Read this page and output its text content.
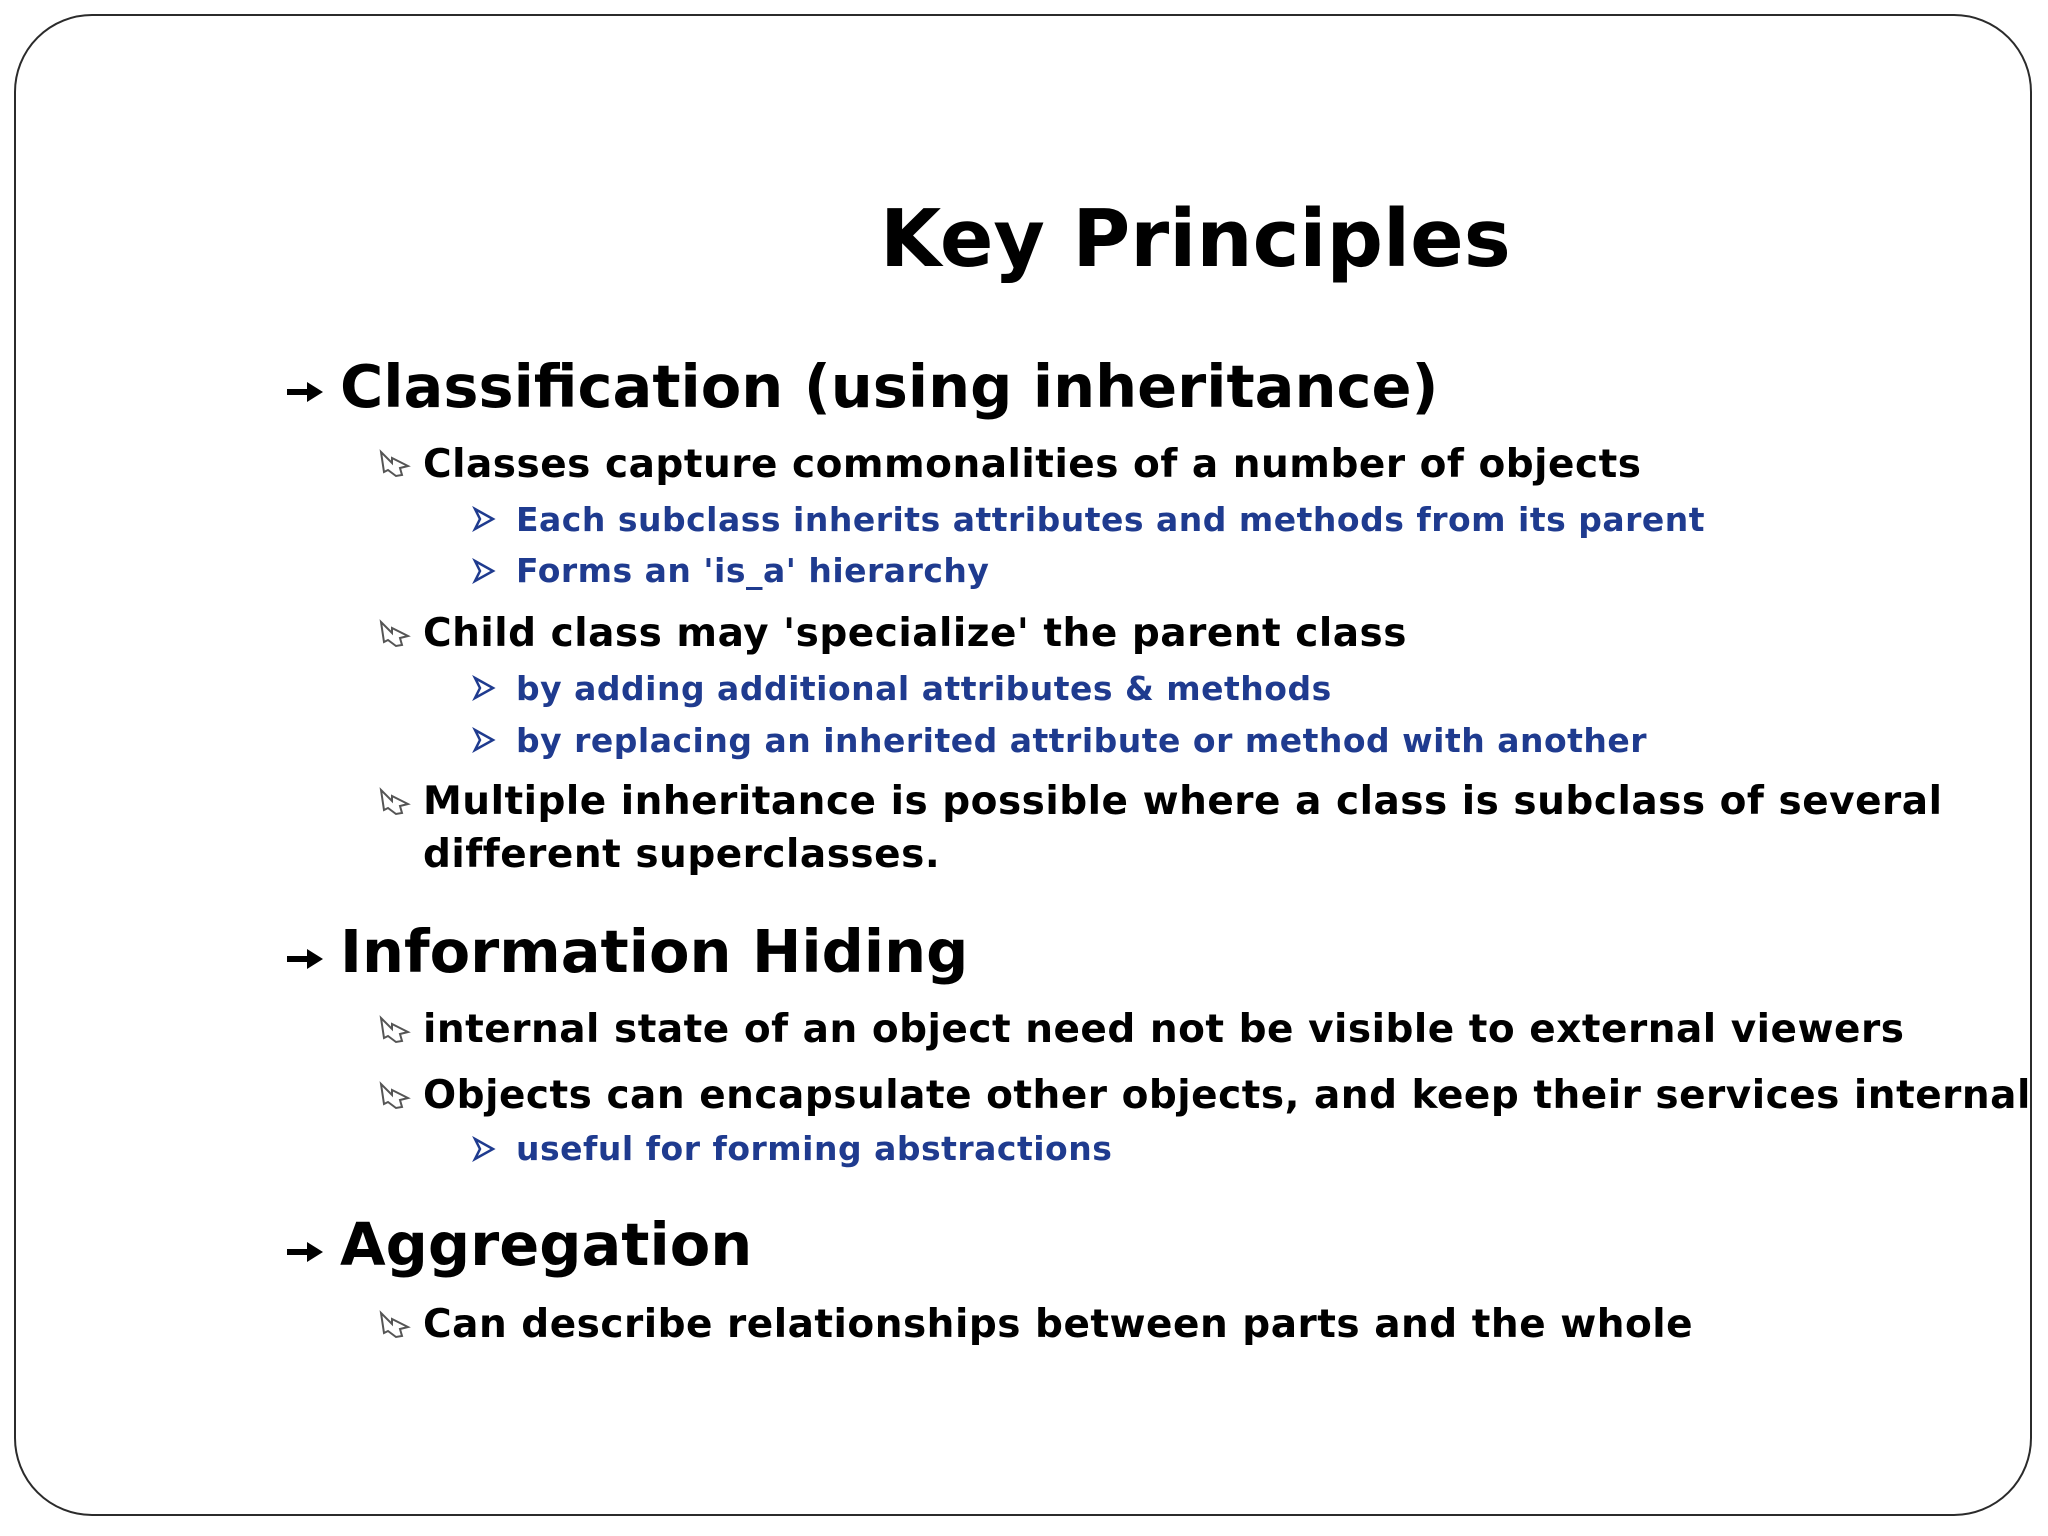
Key Principles
Classification (using inheritance)
Classes capture commonalities of a number of objects
Each subclass inherits attributes and methods from its parent
Forms an 'is_a' hierarchy
Child class may 'specialize' the parent class
by adding additional attributes & methods
by replacing an inherited attribute or method with another
Multiple inheritance is possible where a class is subclass of several
different superclasses.
Information Hiding
internal state of an object need not be visible to external viewers
Objects can encapsulate other objects, and keep their services internal
useful for forming abstractions
Aggregation
Can describe relationships between parts and the whole
